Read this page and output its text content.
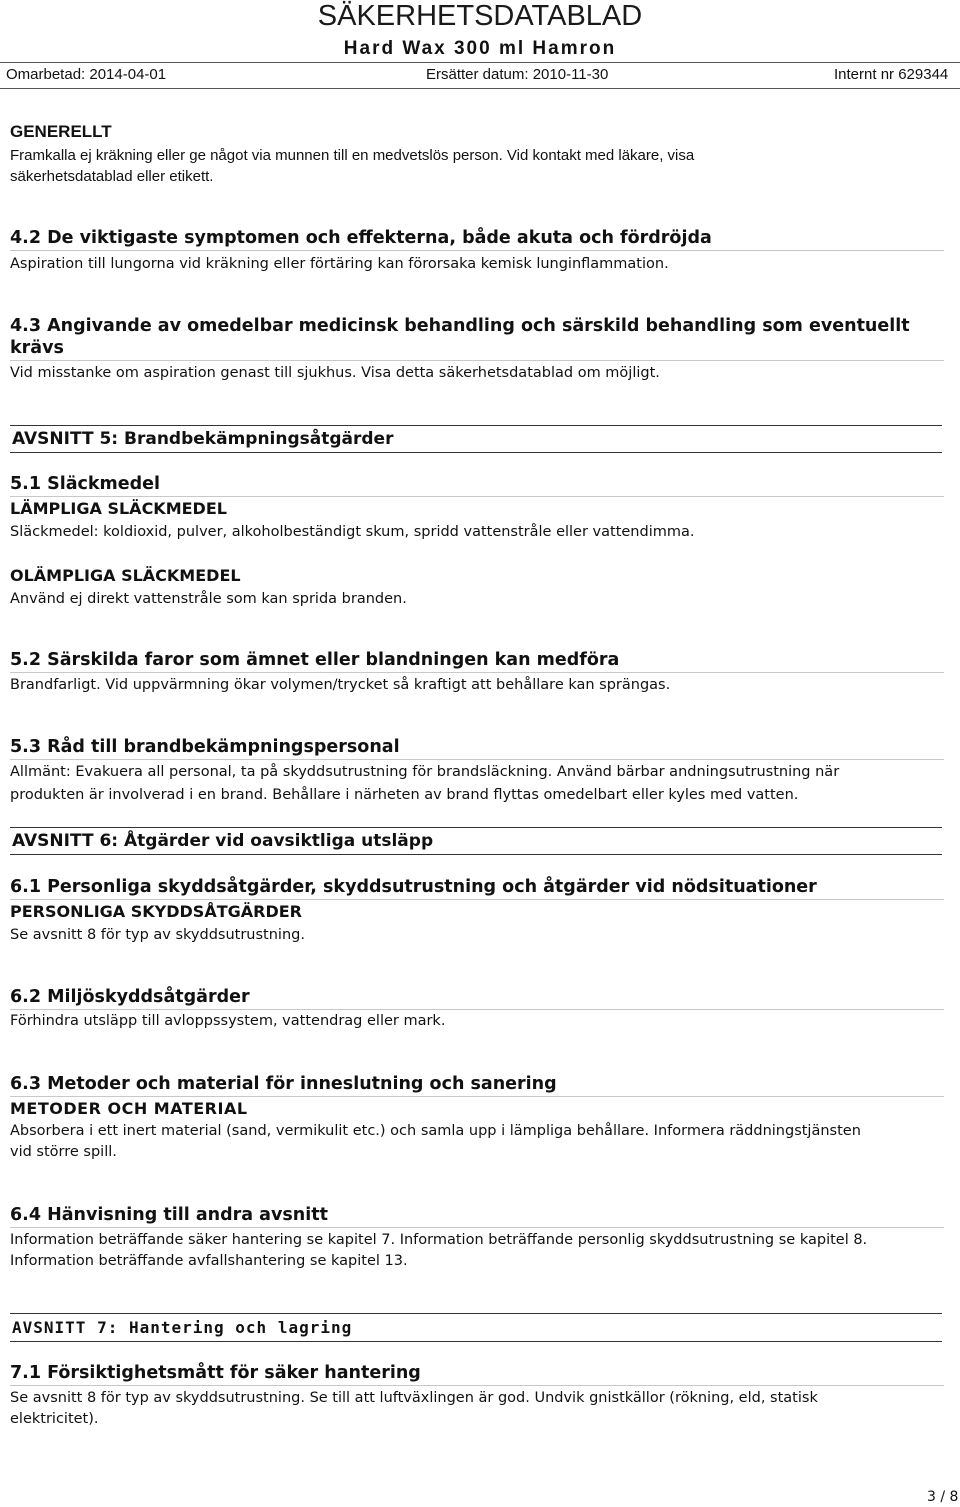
SÄKERHETSDATABLAD
Hard Wax 300 ml Hamron
Omarbetad: 2014-04-01	Ersätter datum: 2010-11-30	Internt nr 629344
GENERELLT
Framkalla ej kräkning eller ge något via munnen till en medvetslös person. Vid kontakt med läkare, visa
säkerhetsdatablad eller etikett.
4.2 De viktigaste symptomen och effekterna, både akuta och fördröjda
Aspiration till lungorna vid kräkning eller förtäring kan förorsaka kemisk lunginflammation.
4.3 Angivande av omedelbar medicinsk behandling och särskild behandling som eventuellt krävs
Vid misstanke om aspiration genast till sjukhus. Visa detta säkerhetsdatablad om möjligt.
AVSNITT 5: Brandbekämpningsåtgärder
5.1 Släckmedel
LÄMPLIGA SLÄCKMEDEL
Släckmedel: koldioxid, pulver, alkoholbeständigt skum, spridd vattenstråle eller vattendimma.
OLÄMPLIGA SLÄCKMEDEL
Använd ej direkt vattenstråle som kan sprida branden.
5.2 Särskilda faror som ämnet eller blandningen kan medföra
Brandfarligt. Vid uppvärmning ökar volymen/trycket så kraftigt att behållare kan sprängas.
5.3 Råd till brandbekämpningspersonal
Allmänt: Evakuera all personal, ta på skyddsutrustning för brandsläckning. Använd bärbar andningsutrustning när
produkten är involverad i en brand. Behållare i närheten av brand flyttas omedelbart eller kyles med vatten.
AVSNITT 6: Åtgärder vid oavsiktliga utsläpp
6.1 Personliga skyddsåtgärder, skyddsutrustning och åtgärder vid nödsituationer
PERSONLIGA SKYDDSÅTGÄRDER
Se avsnitt 8 för typ av skyddsutrustning.
6.2 Miljöskyddsåtgärder
Förhindra utsläpp till avloppssystem, vattendrag eller mark.
6.3 Metoder och material för inneslutning och sanering
METODER OCH MATERIAL
Absorbera i ett inert material (sand, vermikulit etc.) och samla upp i lämpliga behållare. Informera räddningstjänsten
vid större spill.
6.4 Hänvisning till andra avsnitt
Information beträffande säker hantering se kapitel 7. Information beträffande personlig skyddsutrustning se kapitel 8.
Information beträffande avfallshantering se kapitel 13.
AVSNITT 7: Hantering och lagring
7.1 Försiktighetsmått för säker hantering
Se avsnitt 8 för typ av skyddsutrustning. Se till att luftväxlingen är god. Undvik gnistkällor (rökning, eld, statisk
elektricitet).
3 / 8
